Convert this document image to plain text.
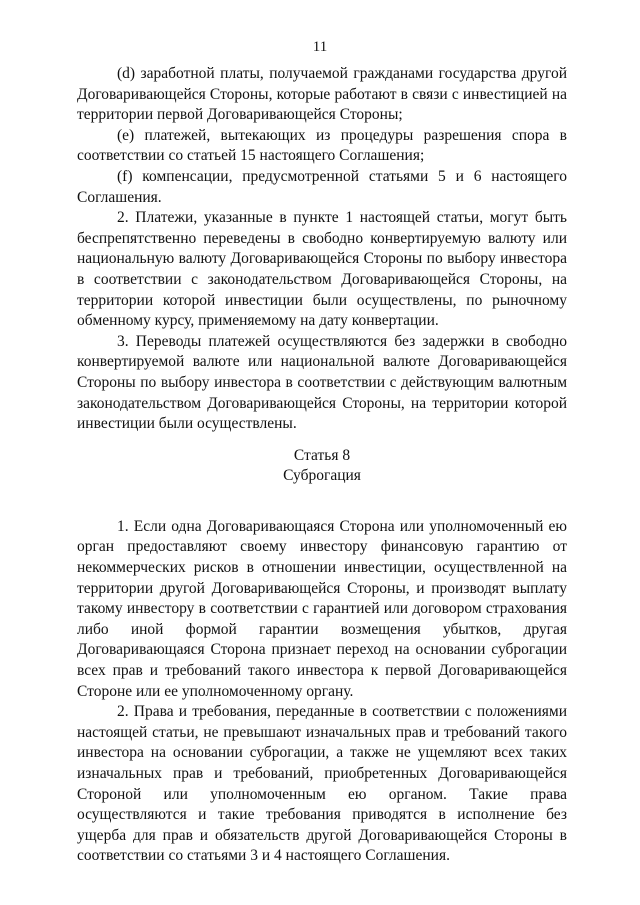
11

(d) заработной платы, получаемой гражданами государства другой Договаривающейся Стороны, которые работают в связи с инвестицией на территории первой Договаривающейся Стороны;

(e) платежей, вытекающих из процедуры разрешения спора в соответствии со статьей 15 настоящего Соглашения;

(f) компенсации, предусмотренной статьями 5 и 6 настоящего Соглашения.

2. Платежи, указанные в пункте 1 настоящей статьи, могут быть беспрепятственно переведены в свободно конвертируемую валюту или национальную валюту Договаривающейся Стороны по выбору инвестора в соответствии с законодательством Договаривающейся Стороны, на территории которой инвестиции были осуществлены, по рыночному обменному курсу, применяемому на дату конвертации.

3. Переводы платежей осуществляются без задержки в свободно конвертируемой валюте или национальной валюте Договаривающейся Стороны по выбору инвестора в соответствии с действующим валютным законодательством Договаривающейся Стороны, на территории которой инвестиции были осуществлены.

Статья 8

Суброгация

1. Если одна Договаривающаяся Сторона или уполномоченный ею орган предоставляют своему инвестору финансовую гарантию от некоммерческих рисков в отношении инвестиции, осуществленной на территории другой Договаривающейся Стороны, и производят выплату такому инвестору в соответствии с гарантией или договором страхования либо иной формой гарантии возмещения убытков, другая Договаривающаяся Сторона признает переход на основании суброгации всех прав и требований такого инвестора к первой Договаривающейся Стороне или ее уполномоченному органу.

2. Права и требования, переданные в соответствии с положениями настоящей статьи, не превышают изначальных прав и требований такого инвестора на основании суброгации, а также не ущемляют всех таких изначальных прав и требований, приобретенных Договаривающейся Стороной или уполномоченным ею органом. Такие права осуществляются и такие требования приводятся в исполнение без ущерба для прав и обязательств другой Договаривающейся Стороны в соответствии со статьями 3 и 4 настоящего Соглашения.
